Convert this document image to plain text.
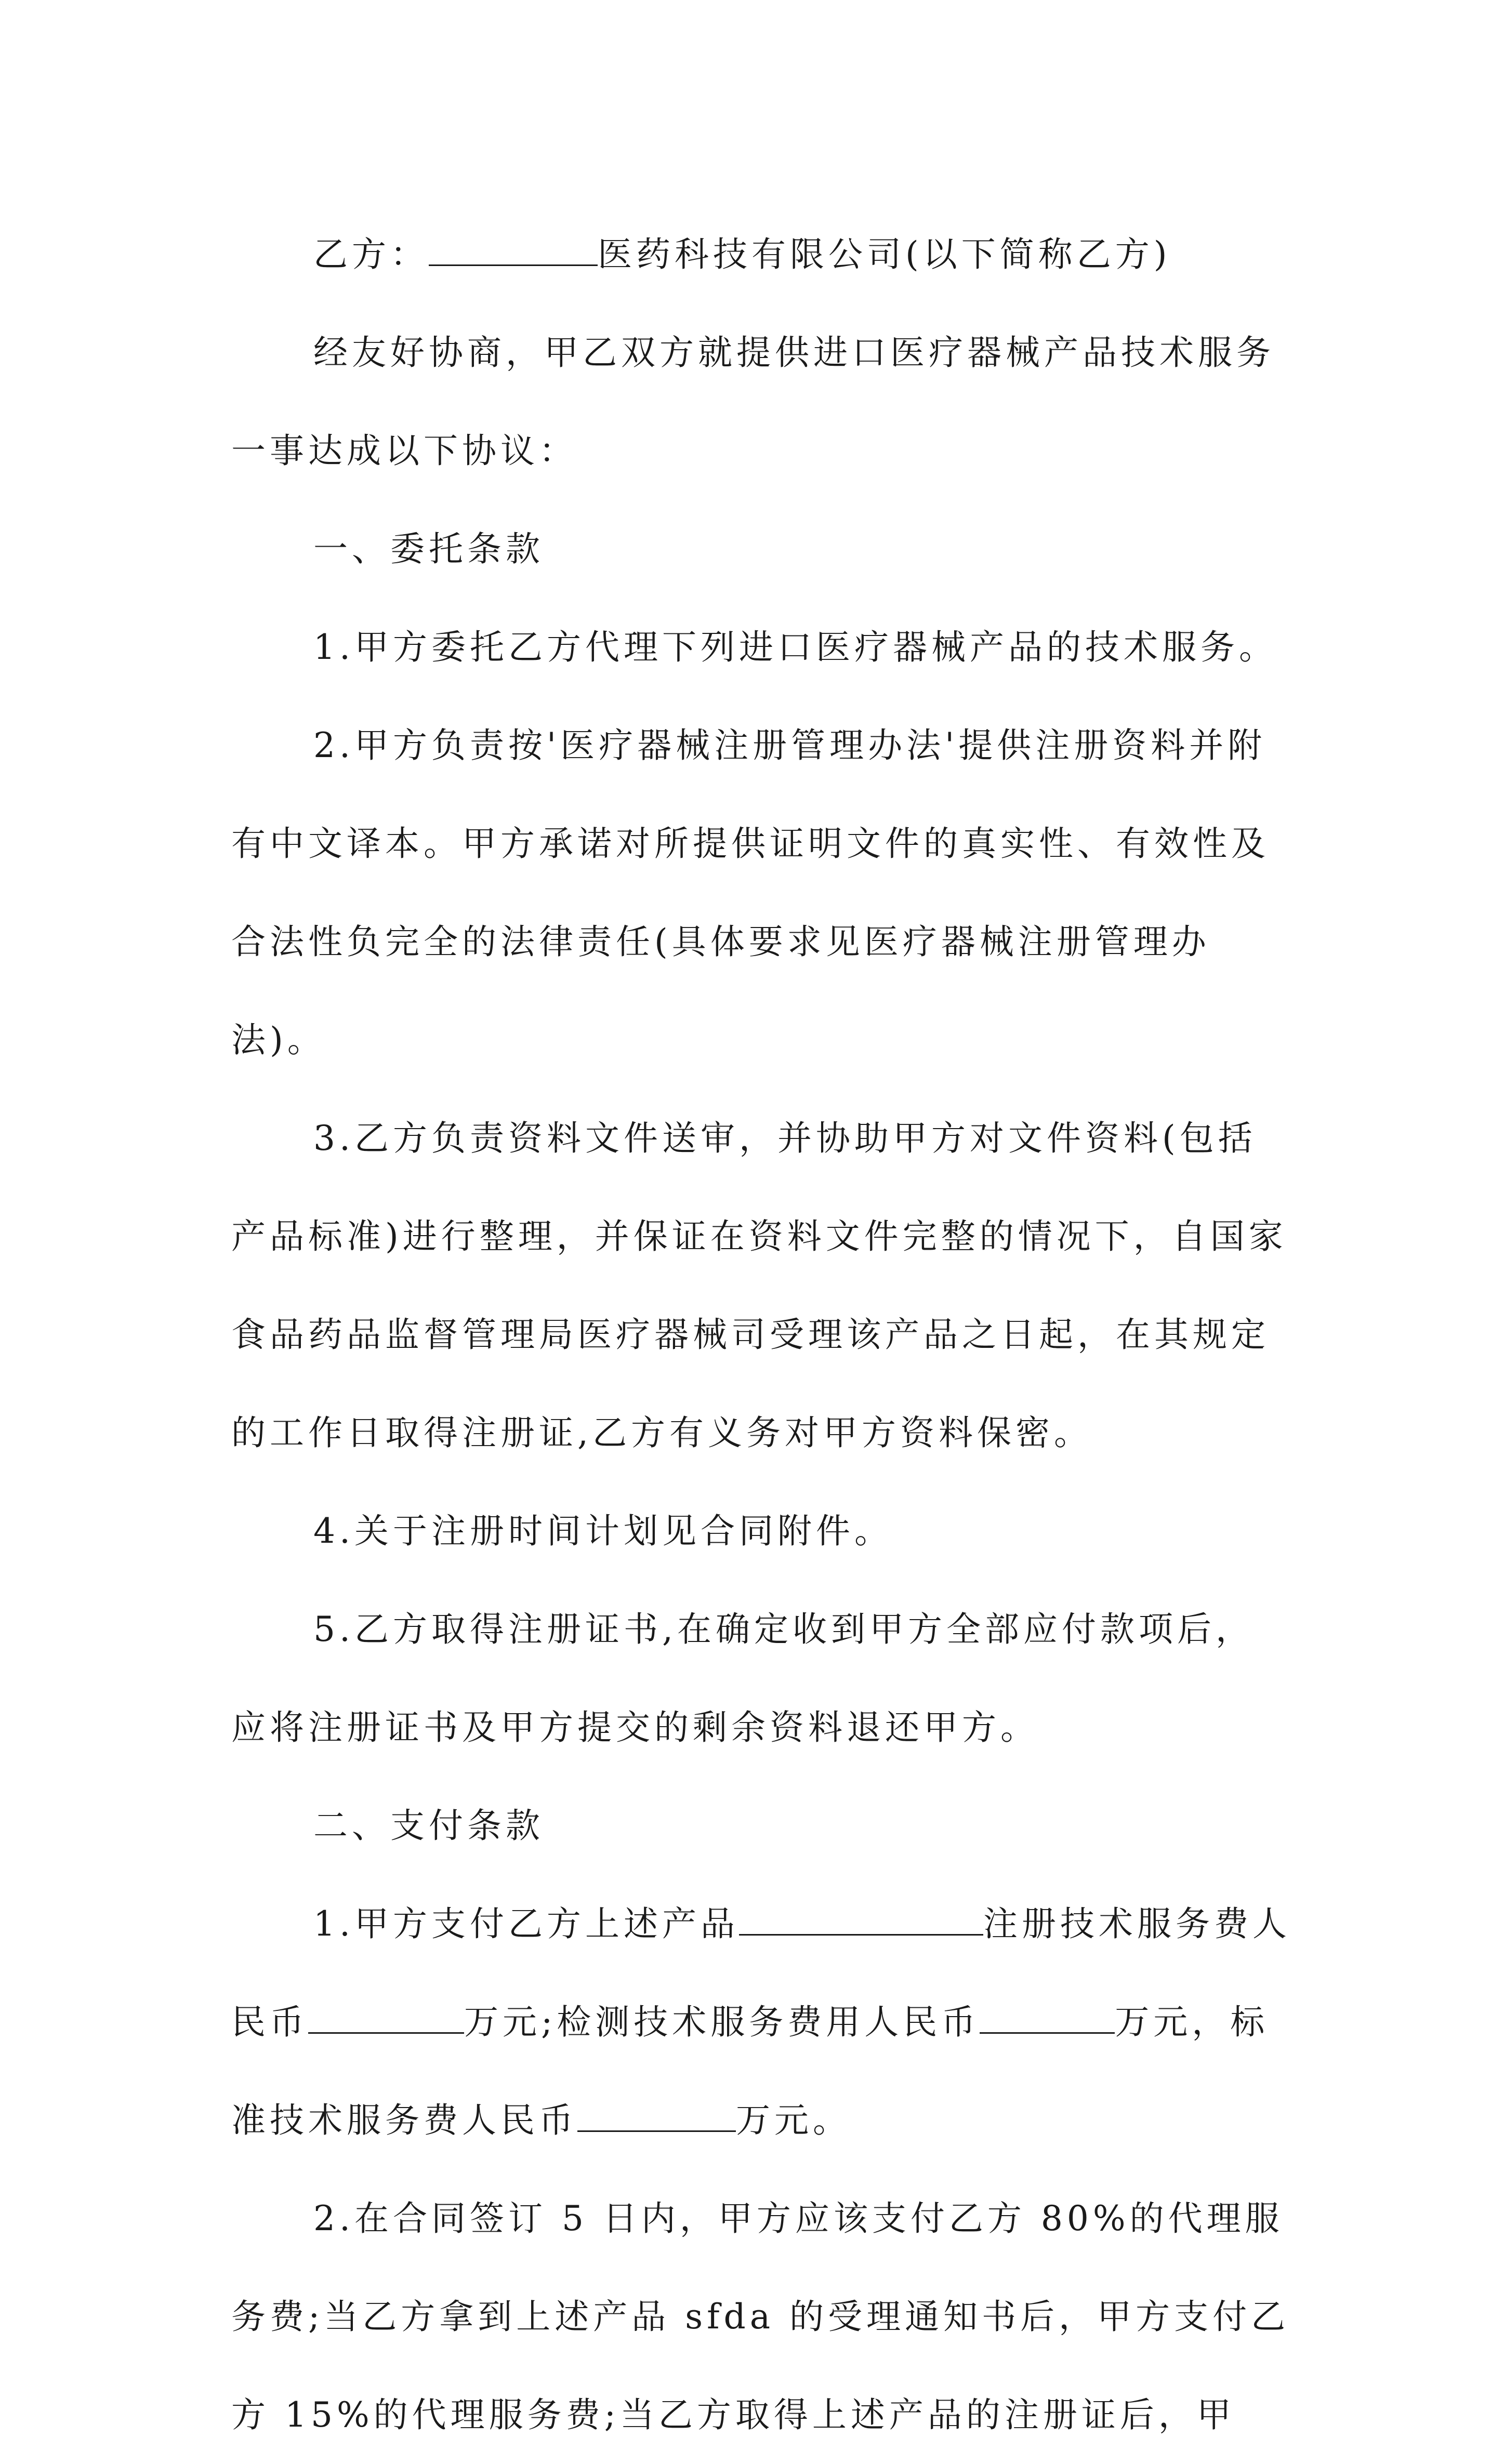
乙方：	医药科技有限公司(以下简称乙方)

经友好协商，甲乙双方就提供进口医疗器械产品技术服务一事达成以下协议：

一、委托条款

1.甲方委托乙方代理下列进口医疗器械产品的技术服务。

2.甲方负责按'医疗器械注册管理办法'提供注册资料并附有中文译本。甲方承诺对所提供证明文件的真实性、有效性及合法性负完全的法律责任(具体要求见医疗器械注册管理办法)。

3.乙方负责资料文件送审，并协助甲方对文件资料(包括产品标准)进行整理，并保证在资料文件完整的情况下，自国家食品药品监督管理局医疗器械司受理该产品之日起，在其规定的工作日取得注册证,乙方有义务对甲方资料保密。

4.关于注册时间计划见合同附件。

5.乙方取得注册证书,在确定收到甲方全部应付款项后，应将注册证书及甲方提交的剩余资料退还甲方。

二、支付条款

1.甲方支付乙方上述产品	注册技术服务费人民币	万元;检测技术服务费用人民币	万元，标准技术服务费人民币	万元。

2.在合同签订 5 日内，甲方应该支付乙方 80%的代理服务费;当乙方拿到上述产品 sfda 的受理通知书后，甲方支付乙方 15%的代理服务费;当乙方取得上述产品的注册证后，甲
